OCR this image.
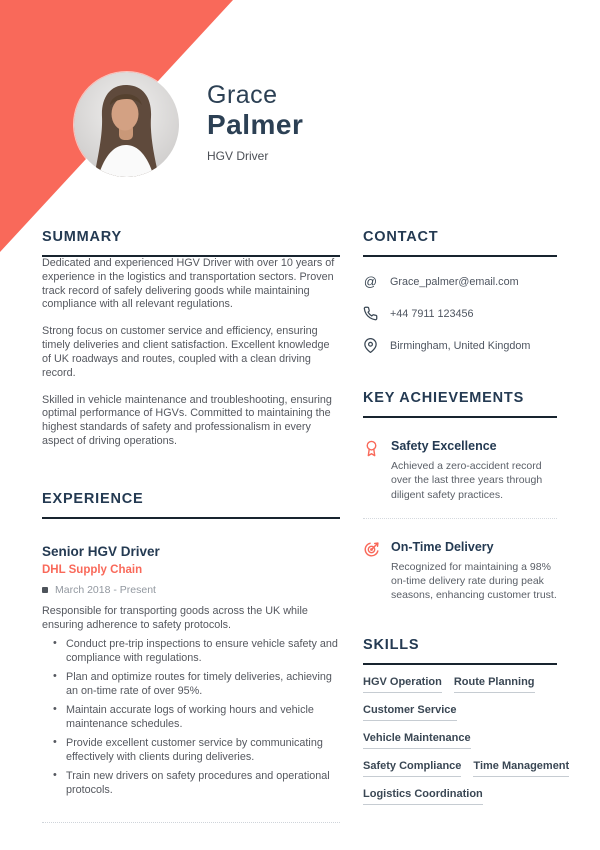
Grace
Palmer
HGV Driver
SUMMARY

Dedicated and experienced HGV Driver with over 10 years of experience in the logistics and transportation sectors. Proven track record of safely delivering goods while maintaining compliance with all relevant regulations.

Strong focus on customer service and efficiency, ensuring timely deliveries and client satisfaction. Excellent knowledge of UK roadways and routes, coupled with a clean driving record.

Skilled in vehicle maintenance and troubleshooting, ensuring optimal performance of HGVs. Committed to maintaining the highest standards of safety and professionalism in every aspect of driving operations.

EXPERIENCE
Senior HGV Driver
DHL Supply Chain
March 2018 - Present
Responsible for transporting goods across the UK while ensuring adherence to safety protocols.
• Conduct pre-trip inspections to ensure vehicle safety and compliance with regulations.
• Plan and optimize routes for timely deliveries, achieving an on-time rate of over 95%.
• Maintain accurate logs of working hours and vehicle maintenance schedules.
• Provide excellent customer service by communicating effectively with clients during deliveries.
• Train new drivers on safety procedures and operational protocols.
CONTACT
@ Grace_palmer@email.com
+44 7911 123456
Birmingham, United Kingdom
KEY ACHIEVEMENTS
Safety Excellence
Achieved a zero-accident record over the last three years through diligent safety practices.
On-Time Delivery
Recognized for maintaining a 98% on-time delivery rate during peak seasons, enhancing customer trust.
SKILLS
HGV Operation Route Planning
Customer Service
Vehicle Maintenance
Safety Compliance Time Management
Logistics Coordination
